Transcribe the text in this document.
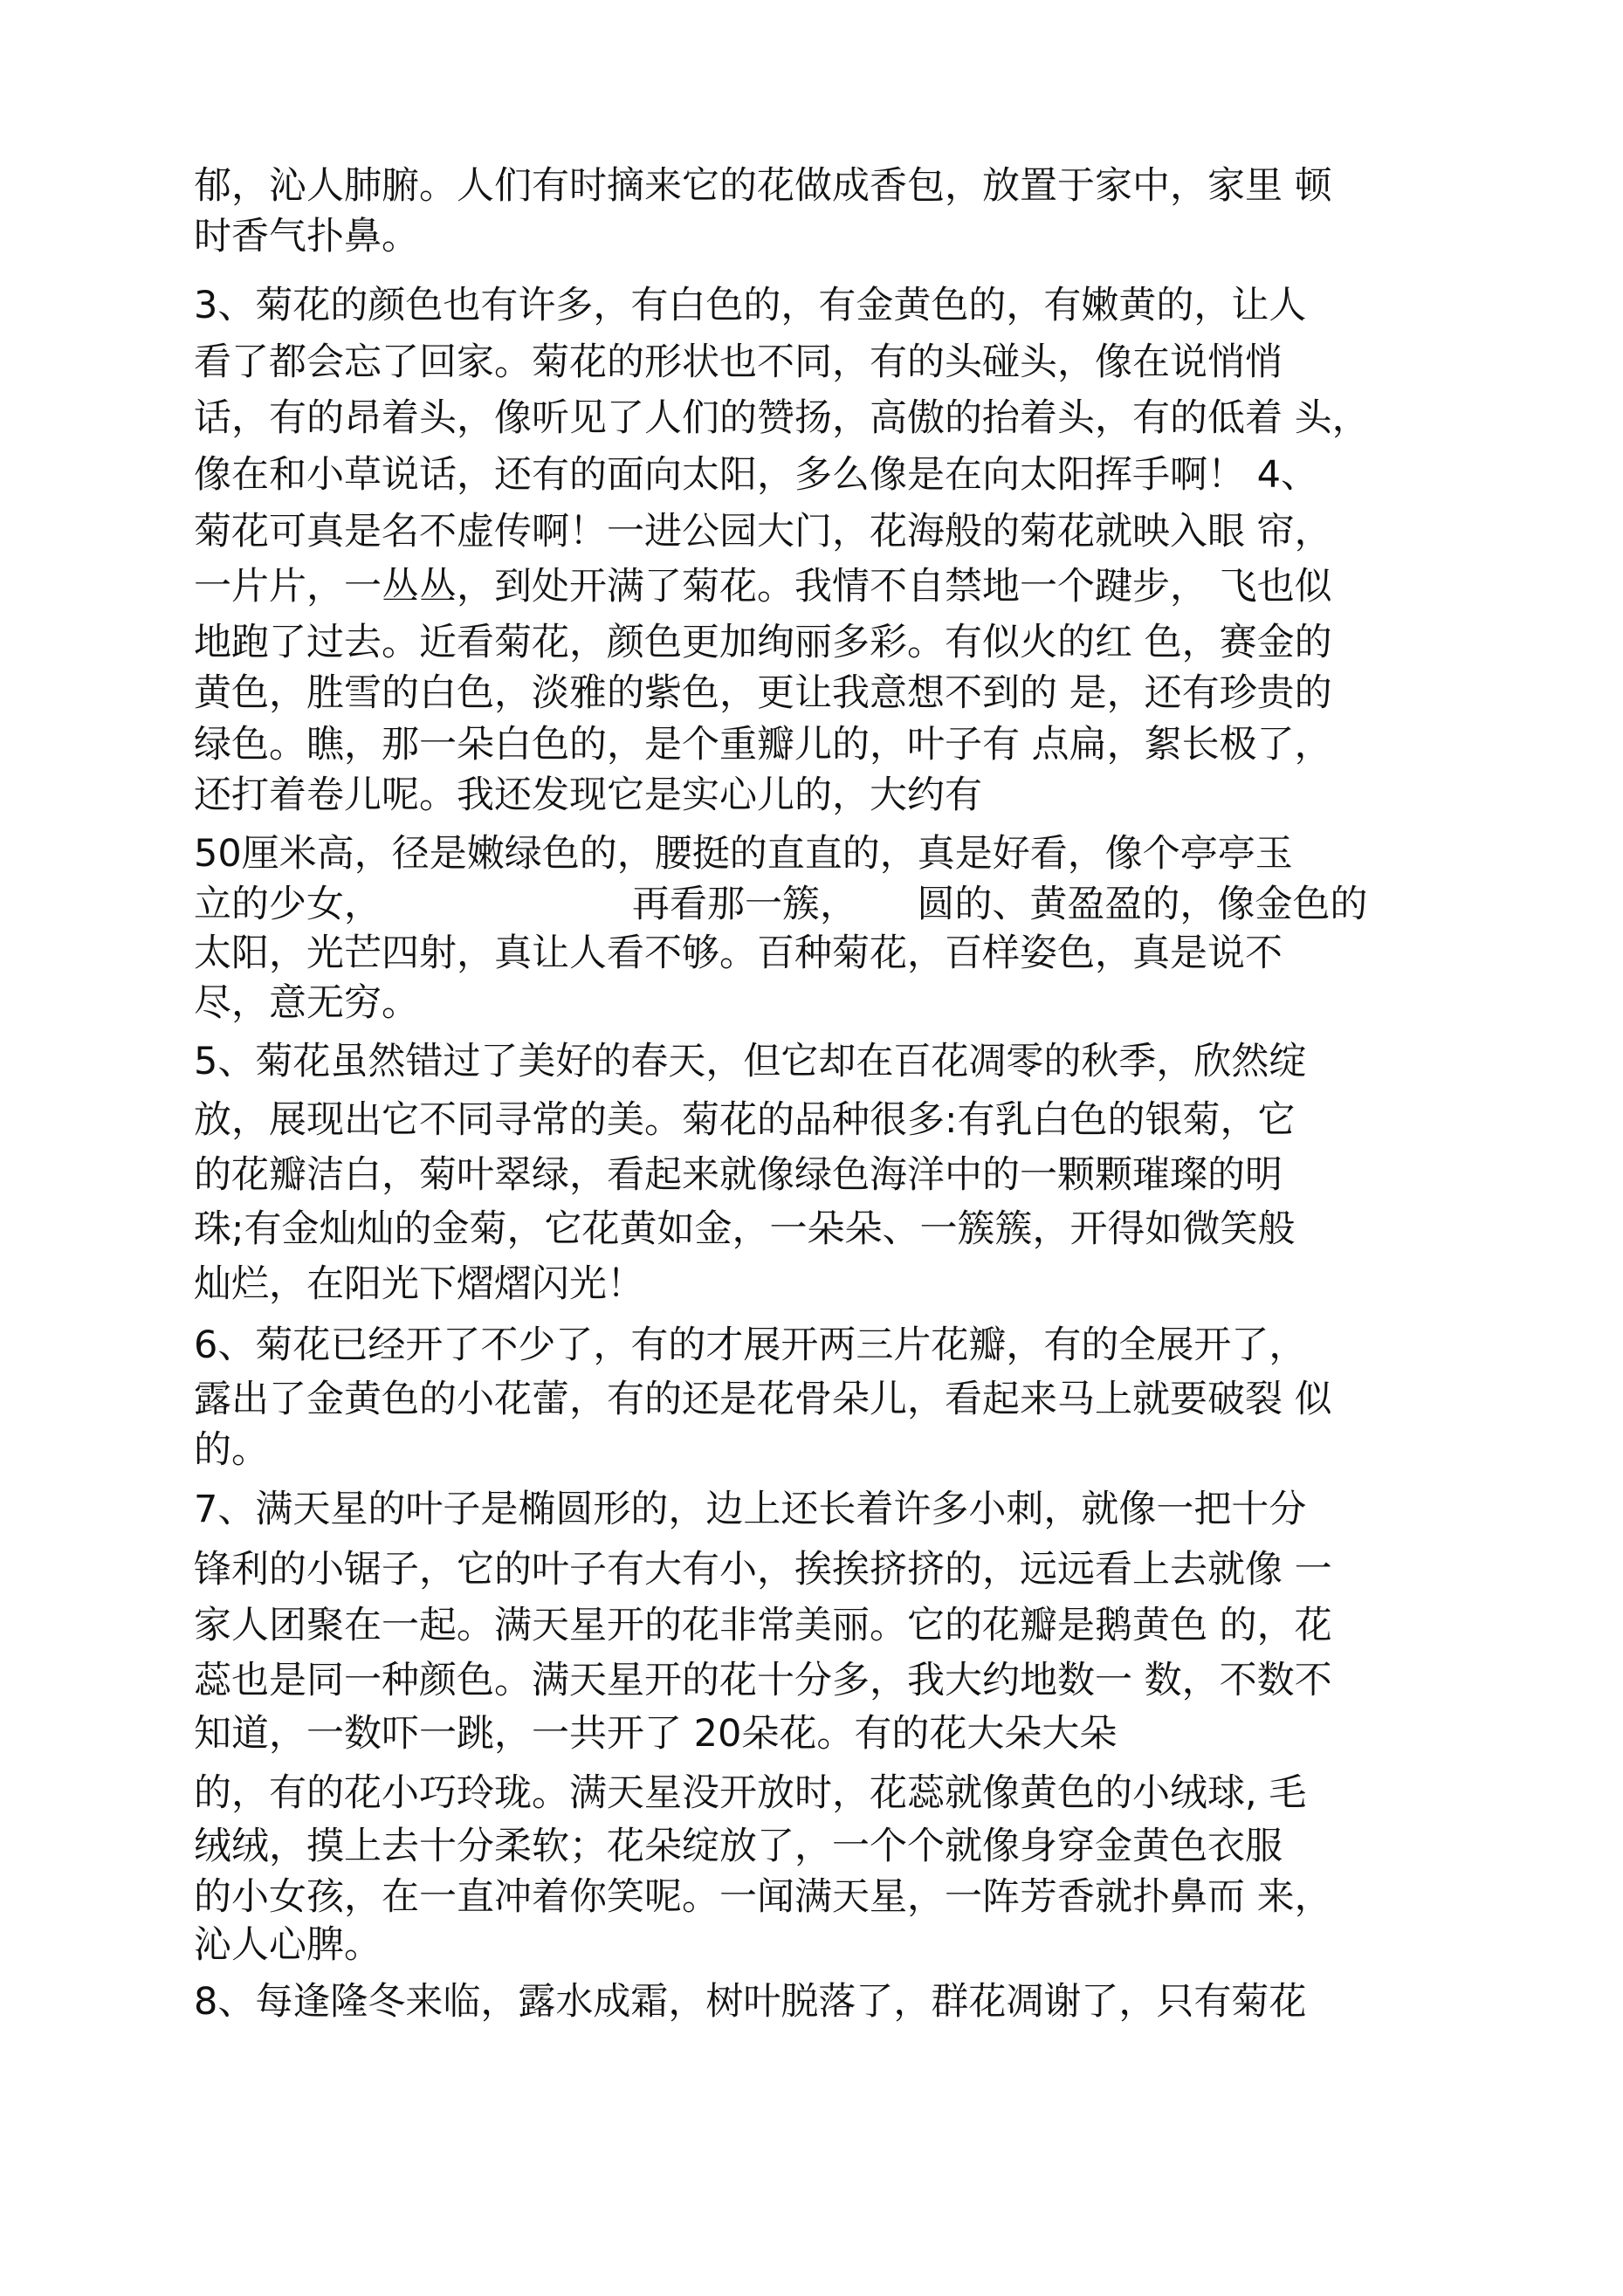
郁，沁人肺腑。人们有时摘来它的花做成香包，放置于家中，家里 顿
时香气扑鼻。
3、菊花的颜色也有许多，有白色的，有金黄色的，有嫩黄的，让人
看了都会忘了回家。菊花的形状也不同，有的头碰头，像在说悄悄
话，有的昂着头，像听见了人们的赞扬，高傲的抬着头，有的低着 头，
像在和小草说话，还有的面向太阳，多么像是在向太阳挥手啊！ 4、
菊花可真是名不虚传啊！一进公园大门，花海般的菊花就映入眼 帘，
一片片，一丛丛，到处开满了菊花。我情不自禁地一个踺步， 飞也似
地跑了过去。近看菊花，颜色更加绚丽多彩。有似火的红 色，赛金的
黄色，胜雪的白色，淡雅的紫色，更让我意想不到的 是，还有珍贵的
绿色。瞧，那一朵白色的，是个重瓣儿的，叶子有 点扁，絮长极了，
还打着卷儿呢。我还发现它是实心儿的，大约有
50厘米高，径是嫩绿色的，腰挺的直直的，真是好看，像个亭亭玉
立的少女，                     再看那一簇，     圆的、黄盈盈的，像金色的
太阳，光芒四射，真让人看不够。百种菊花，百样姿色，真是说不
尽，意无穷。
5、菊花虽然错过了美好的春天，但它却在百花凋零的秋季，欣然绽
放，展现出它不同寻常的美。菊花的品种很多:有乳白色的银菊，它
的花瓣洁白，菊叶翠绿，看起来就像绿色海洋中的一颗颗璀璨的明
珠;有金灿灿的金菊，它花黄如金，一朵朵、一簇簇，开得如微笑般
灿烂，在阳光下熠熠闪光！
6、菊花已经开了不少了，有的才展开两三片花瓣，有的全展开了，
露出了金黄色的小花蕾，有的还是花骨朵儿，看起来马上就要破裂 似
的。
7、满天星的叶子是椭圆形的，边上还长着许多小刺，就像一把十分
锋利的小锯子，它的叶子有大有小，挨挨挤挤的，远远看上去就像 一
家人团聚在一起。满天星开的花非常美丽。它的花瓣是鹅黄色 的，花
蕊也是同一种颜色。满天星开的花十分多，我大约地数一 数，不数不
知道，一数吓一跳，一共开了 20朵花。有的花大朵大朵
的，有的花小巧玲珑。满天星没开放时，花蕊就像黄色的小绒球, 毛
绒绒，摸上去十分柔软；花朵绽放了，一个个就像身穿金黄色衣服
的小女孩，在一直冲着你笑呢。一闻满天星，一阵芳香就扑鼻而 来，
沁人心脾。
8、每逢隆冬来临，露水成霜，树叶脱落了，群花凋谢了，只有菊花
